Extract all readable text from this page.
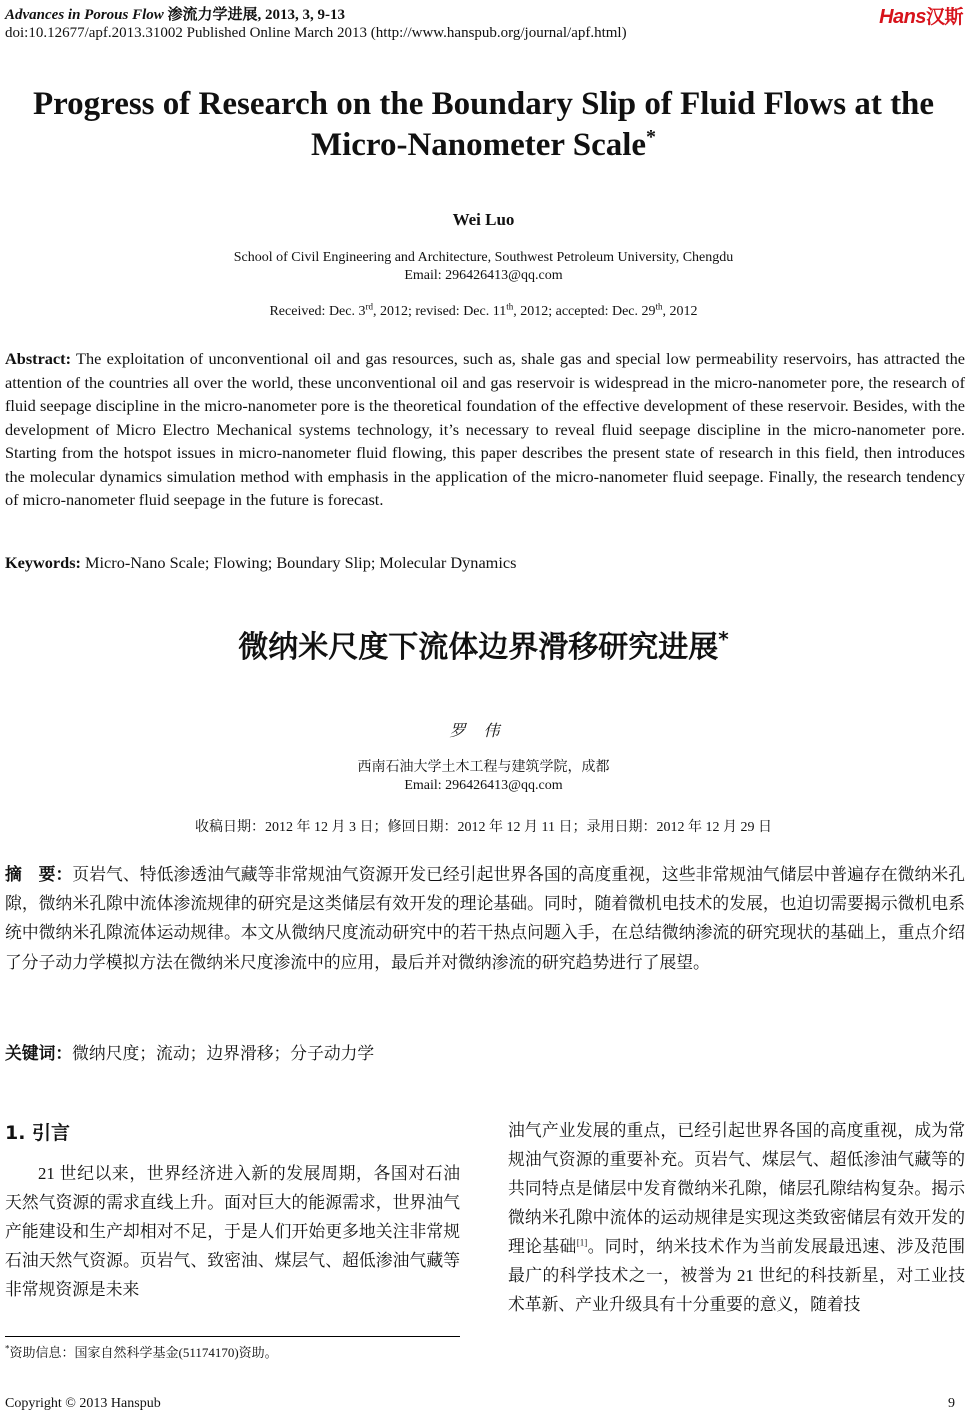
Advances in Porous Flow 渗流力学进展, 2013, 3, 9-13
doi:10.12677/apf.2013.31002 Published Online March 2013 (http://www.hanspub.org/journal/apf.html)
Hans汉斯
Progress of Research on the Boundary Slip of Fluid Flows at the Micro-Nanometer Scale*
Wei Luo
School of Civil Engineering and Architecture, Southwest Petroleum University, Chengdu
Email: 296426413@qq.com
Received: Dec. 3rd, 2012; revised: Dec. 11th, 2012; accepted: Dec. 29th, 2012
Abstract: The exploitation of unconventional oil and gas resources, such as, shale gas and special low permeability reservoirs, has attracted the attention of the countries all over the world, these unconventional oil and gas reservoir is widespread in the micro-nanometer pore, the research of fluid seepage discipline in the micro-nanometer pore is the theoretical foundation of the effective development of these reservoir. Besides, with the development of Micro Electro Mechanical systems technology, it’s necessary to reveal fluid seepage discipline in the micro-nanometer pore. Starting from the hotspot issues in micro-nanometer fluid flowing, this paper describes the present state of research in this field, then introduces the molecular dynamics simulation method with emphasis in the application of the micro-nanometer fluid seepage. Finally, the research tendency of micro-nanometer fluid seepage in the future is forecast.
Keywords: Micro-Nano Scale; Flowing; Boundary Slip; Molecular Dynamics
微纳米尺度下流体边界滑移研究进展*
罗伟
西南石油大学土木工程与建筑学院，成都
Email: 296426413@qq.com
收稿日期：2012 年 12 月 3 日；修回日期：2012 年 12 月 11 日；录用日期：2012 年 12 月 29 日
摘　要：页岩气、特低渗透油气藏等非常规油气资源开发已经引起世界各国的高度重视，这些非常规油气储层中普遍存在微纳米孔隙，微纳米孔隙中流体渗流规律的研究是这类储层有效开发的理论基础。同时，随着微机电技术的发展，也迫切需要揭示微机电系统中微纳米孔隙流体运动规律。本文从微纳尺度流动研究中的若干热点问题入手，在总结微纳渗流的研究现状的基础上，重点介绍了分子动力学模拟方法在微纳米尺度渗流中的应用，最后并对微纳渗流的研究趋势进行了展望。
关键词：微纳尺度；流动；边界滑移；分子动力学
1. 引言

21 世纪以来，世界经济进入新的发展周期，各国对石油天然气资源的需求直线上升。面对巨大的能源需求，世界油气产能建设和生产却相对不足，于是人们开始更多地关注非常规石油天然气资源。页岩气、致密油、煤层气、超低渗油气藏等非常规资源是未来

油气产业发展的重点，已经引起世界各国的高度重视，成为常规油气资源的重要补充。页岩气、煤层气、超低渗油气藏等的共同特点是储层中发育微纳米孔隙，储层孔隙结构复杂。揭示微纳米孔隙中流体的运动规律是实现这类致密储层有效开发的理论基础[1]。同时，纳米技术作为当前发展最迅速、涉及范围最广的科学技术之一，被誉为 21 世纪的科技新星，对工业技术革新、产业升级具有十分重要的意义，随着技

*资助信息：国家自然科学基金(51174170)资助。
Copyright © 2013 Hanspub	9
